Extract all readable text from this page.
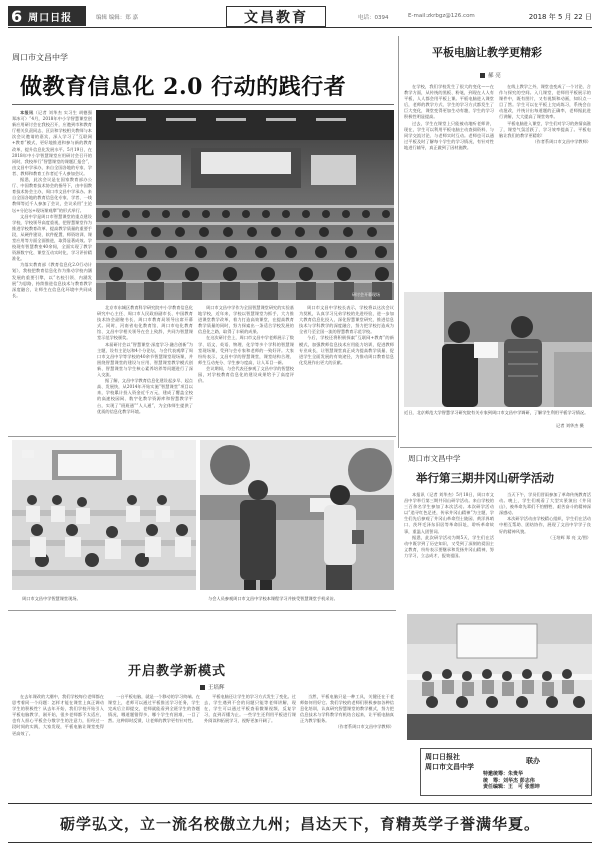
6 周口日报	编辑 编辑：郑 嘉	电话：0394	E-mail:zkrbgz@126.com
文昌教育	2018 年 5 月 22 日
周口市文昌中学
做教育信息化 2.0 行动的践行者
研讨会开幕现场

本报讯（记者 刘华杰 实习生 胡德强 郑冰可）“4月，2018年中小学智慧课堂创新应用研讨会在我校召开，应邀到市和教育厅相关负责同志、区县和学校相关教师与本次会议邀请的嘉宾，深入学习了“互联网+教育”模式，更好地推进和参与新的教育改革，提升信息化发展水平。5月19日，在2018年中小学智慧课堂应用研讨会召开的同时，我校举行“智慧课堂的课题汇报会”，由文昌中学承办，来自全国各地的专家、学者、教师和教育工作者近千人参加会议。

据悉，此次会议是在国家教育部办公厅、中国教育技术协会的指导下，由中国教育技术协会主办，周口市文昌中学承办。来自全国各地的教育信息化专家、学者、一线教师等近千人参加了会议，会议采用“主论坛+分论坛+现场课观摩”的形式举行。

文昌中学是周口市智慧课堂的重点建设学校，学校领导高度重视，把智慧课堂作为推进学校教育改革、提高教学质量的重要手段，从硬件建设、软件配置、师资培训、课堂应用等方面全面推进，取得显著成效。学校现有智慧教室40余间，全面实现了教学资源数字化、课堂互动实时化、学习评价精准化。

为落实教育部《教育信息化2.0行动计划》，我校把教育信息化作为推动学校内涵发展的重要引擎，以“名校引领、内涵发展”为思路，持续推进信息技术与教育教学深度融合，让师生在信息化环境中共同成长。

北京市东城区教育科学研究院中小学教育信息化研究中心主任、周口市人民政府副市长、中国教育技术协会副秘书长、周口市教育局领导出席开幕式。同时，河南省电化教育馆、周口市电化教育馆、文昌中学相关领导在会上致辞，共同为智慧课堂示范学校颁奖。

本届研讨会以“智慧课堂·深度学习·融合创新”为主题，设有主论坛和4个分论坛，与会代表观摩了周口市文昌中学等学校的40余节智慧课堂现场课，并围绕智慧课堂的建设与应用、智慧课堂教学模式创新、智慧课堂与学生核心素养培养等问题进行了深入交流。

据了解，文昌中学教育信息化建设起步早、起点高、发展快，从2014年开始实施“智慧课堂”项目以来，学校累计投入资金近千万元，建成了覆盖全校的高速校园网、数字化教学资源库和智慧教学平台，实现了“班班通”“人人通”，为全体师生提供了优质的信息化教学环境。

周口市文昌中学作为全国智慧课堂研究的实验基地学校，近年来，学校以智慧课堂为抓手，大力推进课堂教学改革，着力打造高效课堂，在提高教育教学质量的同时，努力探索出一条适合学校发展的信息化之路，取得了丰硕的成果。

在这次研讨会上，周口市文昌中学老师展示了数学、语文、英语、物理、化学等多个学科的智慧课堂现场课，受到与会专家和老师的一致好评。大家纷纷表示，文昌中学的智慧课堂，课堂结构合理、师生互动充分、学生参与度高，让人耳目一新。

会议期间，与会代表还参观了文昌中学的智慧校园，对学校教育信息化的建设成果给予了高度评价。

周口市文昌中学校长表示，学校将以这次会议为契机，认真学习兄弟学校的先进经验，进一步加大教育信息化投入，深化智慧课堂研究，推进信息技术与学科教学的深度融合，努力把学校打造成为全省乃至全国一流的智慧教育示范学校。

今后，学校还将积极探索“互联网+教育”的新模式，加强教师信息技术应用能力培训，促进教师专业成长，让智慧课堂真正成为提高教学质量、促进学生全面发展的有效途径，为推动周口教育信息化发展作出更大的贡献。

周口市文昌中学智慧课堂现场。	与会人员参观周口市文昌中学校本课程学习并接受智慧课堂手机采访。
平板电脑让教学更精彩
郝 亮

在学校，我们学校发生了很大的变化——在教学方面，从传统的黑板、粉笔，到现在人人有平板，人人都会用平板上课。平板电脑进入课堂后，老师的教学方式、学生的学习方式都发生了巨大变化，课堂变得更加生动有趣，学生的学习积极性明显提高。

过去，学生在课堂上只能被动地听老师讲，现在，学生可以利用平板电脑主动查阅资料、与同学交流讨论、与老师实时互动。老师也可以通过平板及时了解每个学生的学习情况，有针对性地进行辅导，真正做到了因材施教。

在线上教学之外，课堂也变成了一个讨论、合作与探究的空间。入几课堂，老师用平板展示的课件中，既有图片，又有视频和动画，知识点一目了然。学生可以在平板上完成练习，系统会自动批改，并统计出每道题的正确率，老师据此进行讲解，大大提高了课堂效率。

平板电脑进入课堂，学生们对学习的热情高涨了，课堂气氛活跃了，学习效率提高了。平板电脑让我们的教学更精彩！

（作者系周口市文昌中学教师）

近日，北京师范大学智慧学习研究院有关专家到周口市文昌中学调研，了解学生利用平板学习情况。
记者 刘华杰 摄
开启教学新模式
王培辉

在去年课改的大潮中，我们学校每位老师都在思考着同一个问题：怎样才能在课堂上真正调动学生的积极性？从去年开始，我们学校开始引入平板电脑教学，刚开始，很多老师都不太适应，也有人担心平板会分散学生的注意力，但经过一段时间的实践，大家发现，平板电脑让课堂变得更高效了。

一台平板电脑，就是一个移动的学习终端。在课堂上，老师可以通过平板推送学习任务，学生完成后立即提交，老师就能看到全班学生的答题情况，哪道题错得多，哪个学生有困难，一目了然。这种即时反馈，让老师的教学更有针对性。

平板电脑还让学生的学习方式发生了变化。过去，学生遇到不会的问题只能等老师讲解，现在，学生可以通过平板查看微课视频，反复学习，直到弄懂为止。一些学生还利用平板进行课外阅读和拓展学习，视野更加开阔了。

当然，平板电脑只是一种工具，关键还在于老师如何用好它。我们学校的老师们积极参加各种信息化培训，认真研究智慧课堂的教学模式，努力把信息技术与学科教学有机结合起来，让平板电脑真正为教学服务。

（作者系周口市文昌中学教师）

周口市文昌中学
举行第三期井冈山研学活动

本报讯（记者 刘华杰）5月18日，周口市文昌中学举行第三期井冈山研学活动。来自学校的三百余名学生参加了本次活动。本次研学活动以“追寻红色足迹，传承井冈山精神”为主题，学生们先后参观了井冈山革命烈士陵园、黄洋界哨口、茨坪毛泽东旧居等革命旧址，聆听革命故事，重温入团誓词。

据悉，此次研学活动为期5天，学生们在活动中既学到了历史知识，又受到了深刻的爱国主义教育，纷纷表示要继承和发扬井冈山精神，努力学习，立志成才，报效祖国。

当天下午，学员们冒雨参加了革命传统教育活动。晚上，学生们观看了大型实景演出《井冈山》，被革命先辈们不怕牺牲、艰苦奋斗的精神深深感动。

本次研学活动由学校精心组织，学生们在活动中相互帮助、团结协作，展现了文昌中学学子良好的精神风貌。

（王培辉 郑 亮 文/图）

周口日报社
周口市文昌中学
联办
特邀统筹：朱贵华
统　筹：刘华杰 彭志伟
责任编辑：王　可 张想坤
砺学弘文，立一流名校傲立九州；昌达天下，育精英学子誉满华夏。
